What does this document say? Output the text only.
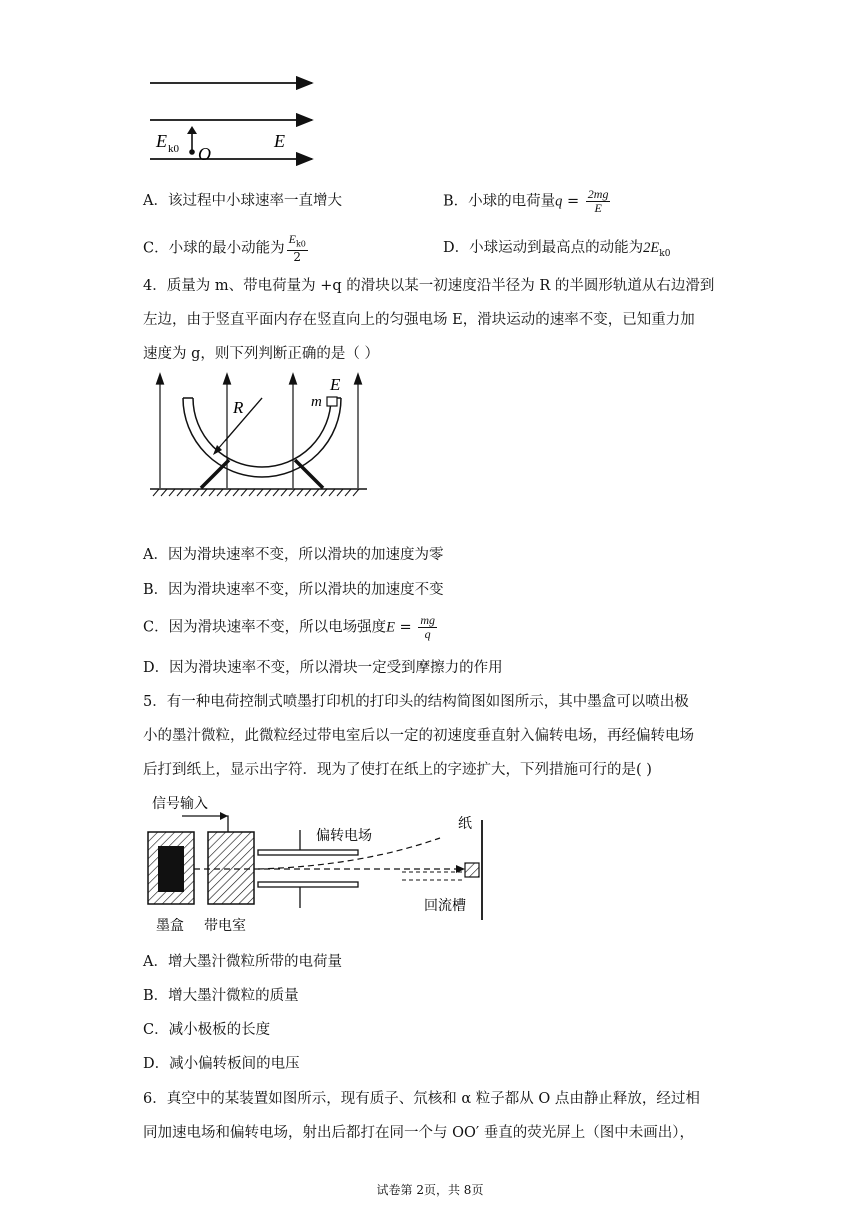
E k0 O
E
A．该过程中小球速率一直增大	B．小球的电荷量$q = \frac{2mg}{E}$
C．小球的最小动能为 $\frac{E_{k0}}{2}$	D．小球运动到最高点的动能为$2E_{k0}$
4．质量为 m、带电荷量为 +q 的滑块以某一初速度沿半径为 R 的半圆形轨道从右边滑到
左边，由于竖直平面内存在竖直向上的匀强电场 E，滑块运动的速率不变，已知重力加
速度为 g，则下列判断正确的是（ ）
R	m
E
A．因为滑块速率不变，所以滑块的加速度为零
B．因为滑块速率不变，所以滑块的加速度不变
C．因为滑块速率不变，所以电场强度$E = \frac{mg}{q}$
D．因为滑块速率不变，所以滑块一定受到摩擦力的作用
5．有一种电荷控制式喷墨打印机的打印头的结构简图如图所示，其中墨盒可以喷出极
小的墨汁微粒，此微粒经过带电室后以一定的初速度垂直射入偏转电场，再经偏转电场
后打到纸上，显示出字符．现为了使打在纸上的字迹扩大，下列措施可行的是( )
信号输入
偏转电场
纸
墨盒 带电室
回流槽
A．增大墨汁微粒所带的电荷量
B．增大墨汁微粒的质量
C．减小极板的长度
D．减小偏转板间的电压
6．真空中的某装置如图所示，现有质子、氘核和 α 粒子都从 O 点由静止释放，经过相
同加速电场和偏转电场，射出后都打在同一个与 OO′ 垂直的荧光屏上（图中未画出），
试卷第 2页，共 8页
